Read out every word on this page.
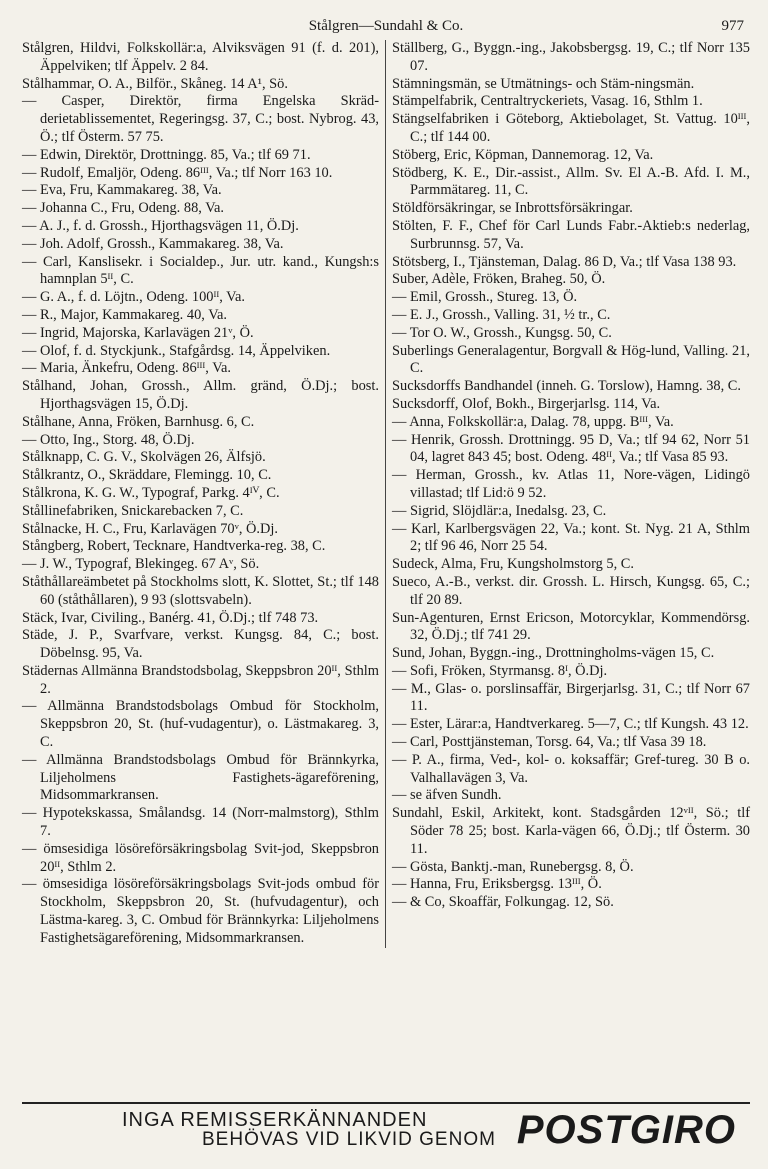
Stålgren—Sundahl & Co.	977
Stålgren, Hildvi, Folkskollär:a, Alviksvägen 91 (f. d. 201), Äppelviken; tlf Äppelv. 2 84.
Stålhammar, O. A., Bilför., Skåneg. 14 A¹, Sö.
— Casper, Direktör, firma Engelska Skräd-derietablissementet, Regeringsg. 37, C.; bost. Nybrog. 43, Ö.; tlf Österm. 57 75.
— Edwin, Direktör, Drottningg. 85, Va.; tlf 69 71.
— Rudolf, Emaljör, Odeng. 86ᴵᴵᴵ, Va.; tlf Norr 163 10.
— Eva, Fru, Kammakareg. 38, Va.
— Johanna C., Fru, Odeng. 88, Va.
— A. J., f. d. Grossh., Hjorthagsvägen 11, Ö.Dj.
— Joh. Adolf, Grossh., Kammakareg. 38, Va.
— Carl, Kanslisekr. i Socialdep., Jur. utr. kand., Kungsh:s hamnplan 5ᴵᴵ, C.
— G. A., f. d. Löjtn., Odeng. 100ᴵᴵ, Va.
— R., Major, Kammakareg. 40, Va.
— Ingrid, Majorska, Karlavägen 21ᵛ, Ö.
— Olof, f. d. Styckjunk., Stafgårdsg. 14, Äppelviken.
— Maria, Änkefru, Odeng. 86ᴵᴵᴵ, Va.
Stålhand, Johan, Grossh., Allm. gränd, Ö.Dj.; bost. Hjorthagsvägen 15, Ö.Dj.
Stålhane, Anna, Fröken, Barnhusg. 6, C.
— Otto, Ing., Storg. 48, Ö.Dj.
Stålknapp, C. G. V., Skolvägen 26, Älfsjö.
Stålkrantz, O., Skräddare, Flemingg. 10, C.
Stålkrona, K. G. W., Typograf, Parkg. 4ᴵⱽ, C.
Stållinefabriken, Snickarebacken 7, C.
Stålnacke, H. C., Fru, Karlavägen 70ᵛ, Ö.Dj.
Stångberg, Robert, Tecknare, Handtverka-reg. 38, C.
— J. W., Typograf, Blekingeg. 67 Aᵛ, Sö.
Ståthållareämbetet på Stockholms slott, K. Slottet, St.; tlf 148 60 (ståthållaren), 9 93 (slottsvabeln).
Stäck, Ivar, Civiling., Banérg. 41, Ö.Dj.; tlf 748 73.
Städe, J. P., Svarfvare, verkst. Kungsg. 84, C.; bost. Döbelnsg. 95, Va.
Städernas Allmänna Brandstodsbolag, Skeppsbron 20ᴵᴵ, Sthlm 2.
— Allmänna Brandstodsbolags Ombud för Stockholm, Skeppsbron 20, St. (huf-vudagentur), o. Lästmakareg. 3, C.
— Allmänna Brandstodsbolags Ombud för Brännkyrka, Liljeholmens Fastighets-ägareförening, Midsommarkransen.
— Hypotekskassa, Smålandsg. 14 (Norr-malmstorg), Sthlm 7.
— ömsesidiga lösöreförsäkringsbolag Svit-jod, Skeppsbron 20ᴵᴵ, Sthlm 2.
— ömsesidiga lösöreförsäkringsbolags Svit-jods ombud för Stockholm, Skeppsbron 20, St. (hufvudagentur), och Lästma-kareg. 3, C. Ombud för Brännkyrka: Liljeholmens Fastighetsägareförening, Midsommarkransen.
Ställberg, G., Byggn.-ing., Jakobsbergsg. 19, C.; tlf Norr 135 07.
Stämningsmän, se Utmätnings- och Stäm-ningsmän.
Stämpelfabrik, Centraltryckeriets, Vasag. 16, Sthlm 1.
Stängselfabriken i Göteborg, Aktiebolaget, St. Vattug. 10ᴵᴵᴵ, C.; tlf 144 00.
Stöberg, Eric, Köpman, Dannemorag. 12, Va.
Stödberg, K. E., Dir.-assist., Allm. Sv. El A.-B. Afd. I. M., Parmmätareg. 11, C.
Stöldförsäkringar, se Inbrottsförsäkringar.
Stölten, F. F., Chef för Carl Lunds Fabr.-Aktieb:s nederlag, Surbrunnsg. 57, Va.
Stötsberg, I., Tjänsteman, Dalag. 86 D, Va.; tlf Vasa 138 93.
Suber, Adèle, Fröken, Braheg. 50, Ö.
— Emil, Grossh., Stureg. 13, Ö.
— E. J., Grossh., Valling. 31, ½ tr., C.
— Tor O. W., Grossh., Kungsg. 50, C.
Suberlings Generalagentur, Borgvall & Hög-lund, Valling. 21, C.
Sucksdorffs Bandhandel (inneh. G. Torslow), Hamng. 38, C.
Sucksdorff, Olof, Bokh., Birgerjarlsg. 114, Va.
— Anna, Folkskollär:a, Dalag. 78, uppg. Bᴵᴵᴵ, Va.
— Henrik, Grossh. Drottningg. 95 D, Va.; tlf 94 62, Norr 51 04, lagret 843 45; bost. Odeng. 48ᴵᴵ, Va.; tlf Vasa 85 93.
— Herman, Grossh., kv. Atlas 11, Nore-vägen, Lidingö villastad; tlf Lid:ö 9 52.
— Sigrid, Slöjdlär:a, Inedalsg. 23, C.
— Karl, Karlbergsvägen 22, Va.; kont. St. Nyg. 21 A, Sthlm 2; tlf 96 46, Norr 25 54.
Sudeck, Alma, Fru, Kungsholmstorg 5, C.
Sueco, A.-B., verkst. dir. Grossh. L. Hirsch, Kungsg. 65, C.; tlf 20 89.
Sun-Agenturen, Ernst Ericson, Motorcyklar, Kommendörsg. 32, Ö.Dj.; tlf 741 29.
Sund, Johan, Byggn.-ing., Drottningholms-vägen 15, C.
— Sofi, Fröken, Styrmansg. 8ᴵ, Ö.Dj.
— M., Glas- o. porslinsaffär, Birgerjarlsg. 31, C.; tlf Norr 67 11.
— Ester, Lärar:a, Handtverkareg. 5—7, C.; tlf Kungsh. 43 12.
— Carl, Posttjänsteman, Torsg. 64, Va.; tlf Vasa 39 18.
— P. A., firma, Ved-, kol- o. koksaffär; Gref-tureg. 30 B o. Valhallavägen 3, Va.
— se äfven Sundh.
Sundahl, Eskil, Arkitekt, kont. Stadsgården 12ᵛᴵᴵ, Sö.; tlf Söder 78 25; bost. Karla-vägen 66, Ö.Dj.; tlf Österm. 30 11.
— Gösta, Banktj.-man, Runebergsg. 8, Ö.
— Hanna, Fru, Eriksbergsg. 13ᴵᴵᴵ, Ö.
— & Co, Skoaffär, Folkungag. 12, Sö.
INGA REMISSERKÄNNANDEN
BEHÖVAS VID LIKVID GENOM POSTGIRO
